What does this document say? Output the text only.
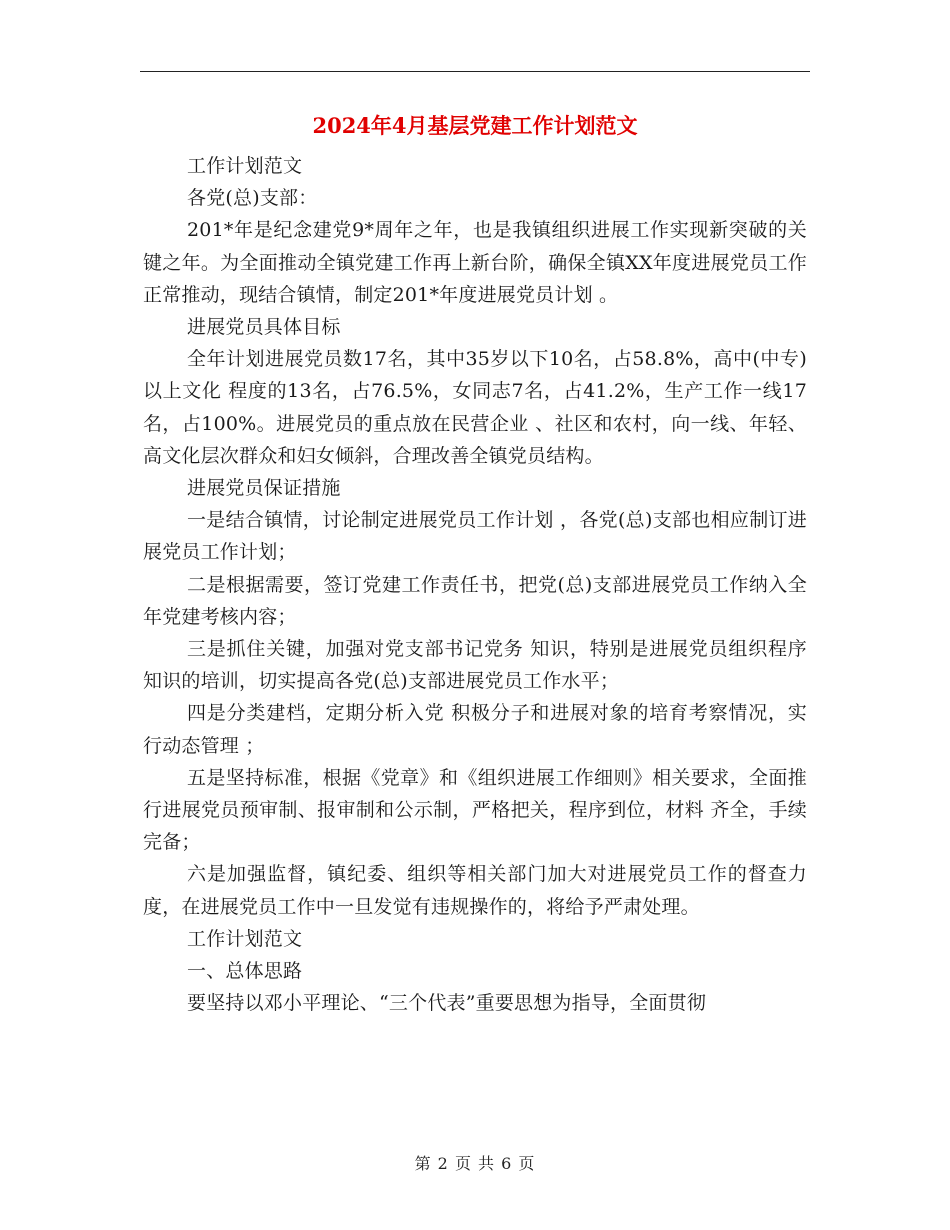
2024年4月基层党建工作计划范文

工作计划范文

各党(总)支部：

201*年是纪念建党9*周年之年，也是我镇组织进展工作实现新突破的关键之年。为全面推动全镇党建工作再上新台阶，确保全镇XX年度进展党员工作正常推动，现结合镇情，制定201*年度进展党员计划 。

进展党员具体目标

全年计划进展党员数17名，其中35岁以下10名，占58.8%，高中(中专)以上文化 程度的13名，占76.5%，女同志7名，占41.2%，生产工作一线17名，占100%。进展党员的重点放在民营企业 、社区和农村，向一线、年轻、高文化层次群众和妇女倾斜，合理改善全镇党员结构。

进展党员保证措施

一是结合镇情，讨论制定进展党员工作计划 ，各党(总)支部也相应制订进展党员工作计划；

二是根据需要，签订党建工作责任书，把党(总)支部进展党员工作纳入全年党建考核内容；

三是抓住关键，加强对党支部书记党务 知识，特别是进展党员组织程序知识的培训，切实提高各党(总)支部进展党员工作水平；

四是分类建档，定期分析入党 积极分子和进展对象的培育考察情况，实行动态管理 ；

五是坚持标准，根据《党章》和《组织进展工作细则》相关要求，全面推行进展党员预审制、报审制和公示制，严格把关，程序到位，材料 齐全，手续完备；

六是加强监督，镇纪委、组织等相关部门加大对进展党员工作的督查力度，在进展党员工作中一旦发觉有违规操作的，将给予严肃处理。

工作计划范文

一、总体思路

要坚持以邓小平理论、“三个代表”重要思想为指导，全面贯彻

第 2 页 共 6 页
